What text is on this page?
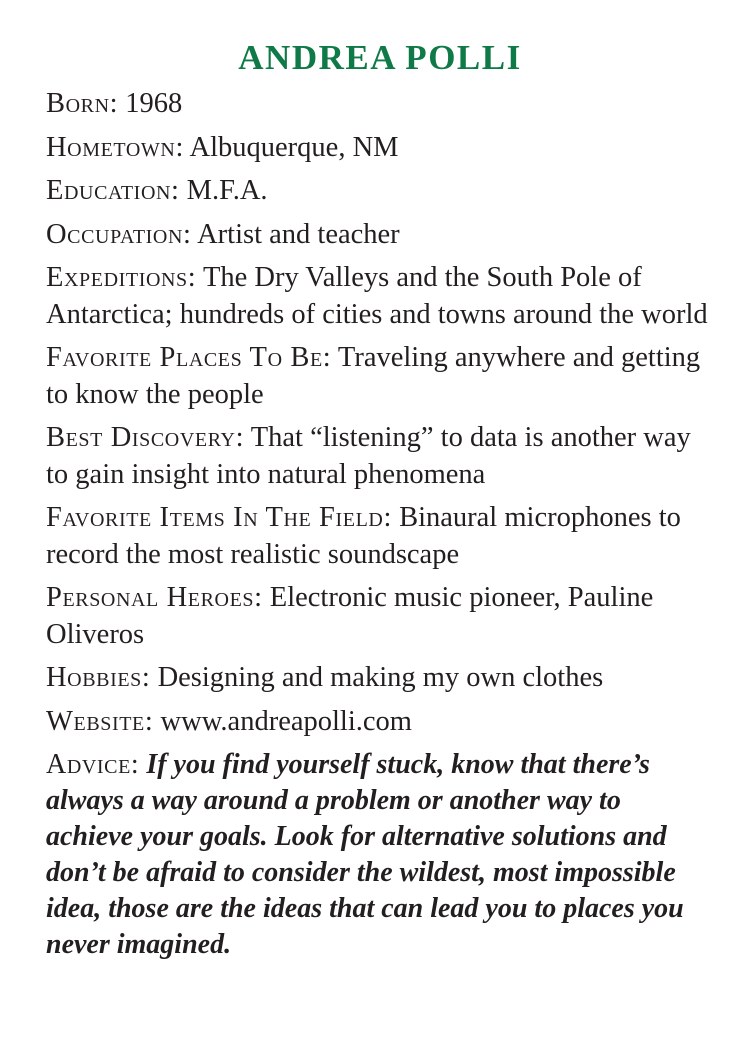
ANDREA POLLI
Born: 1968
Hometown: Albuquerque, NM
Education: M.F.A.
Occupation: Artist and teacher
Expeditions: The Dry Valleys and the South Pole of Antarctica; hundreds of cities and towns around the world
Favorite Places To Be: Traveling anywhere and getting to know the people
Best Discovery: That “listening” to data is another way to gain insight into natural phenomena
Favorite Items In The Field: Binaural microphones to record the most realistic soundscape
Personal Heroes: Electronic music pioneer, Pauline Oliveros
Hobbies: Designing and making my own clothes
Website: www.andreapolli.com
Advice: If you find yourself stuck, know that there’s always a way around a problem or another way to achieve your goals. Look for alternative solutions and don’t be afraid to consider the wildest, most impossible idea, those are the ideas that can lead you to places you never imagined.
